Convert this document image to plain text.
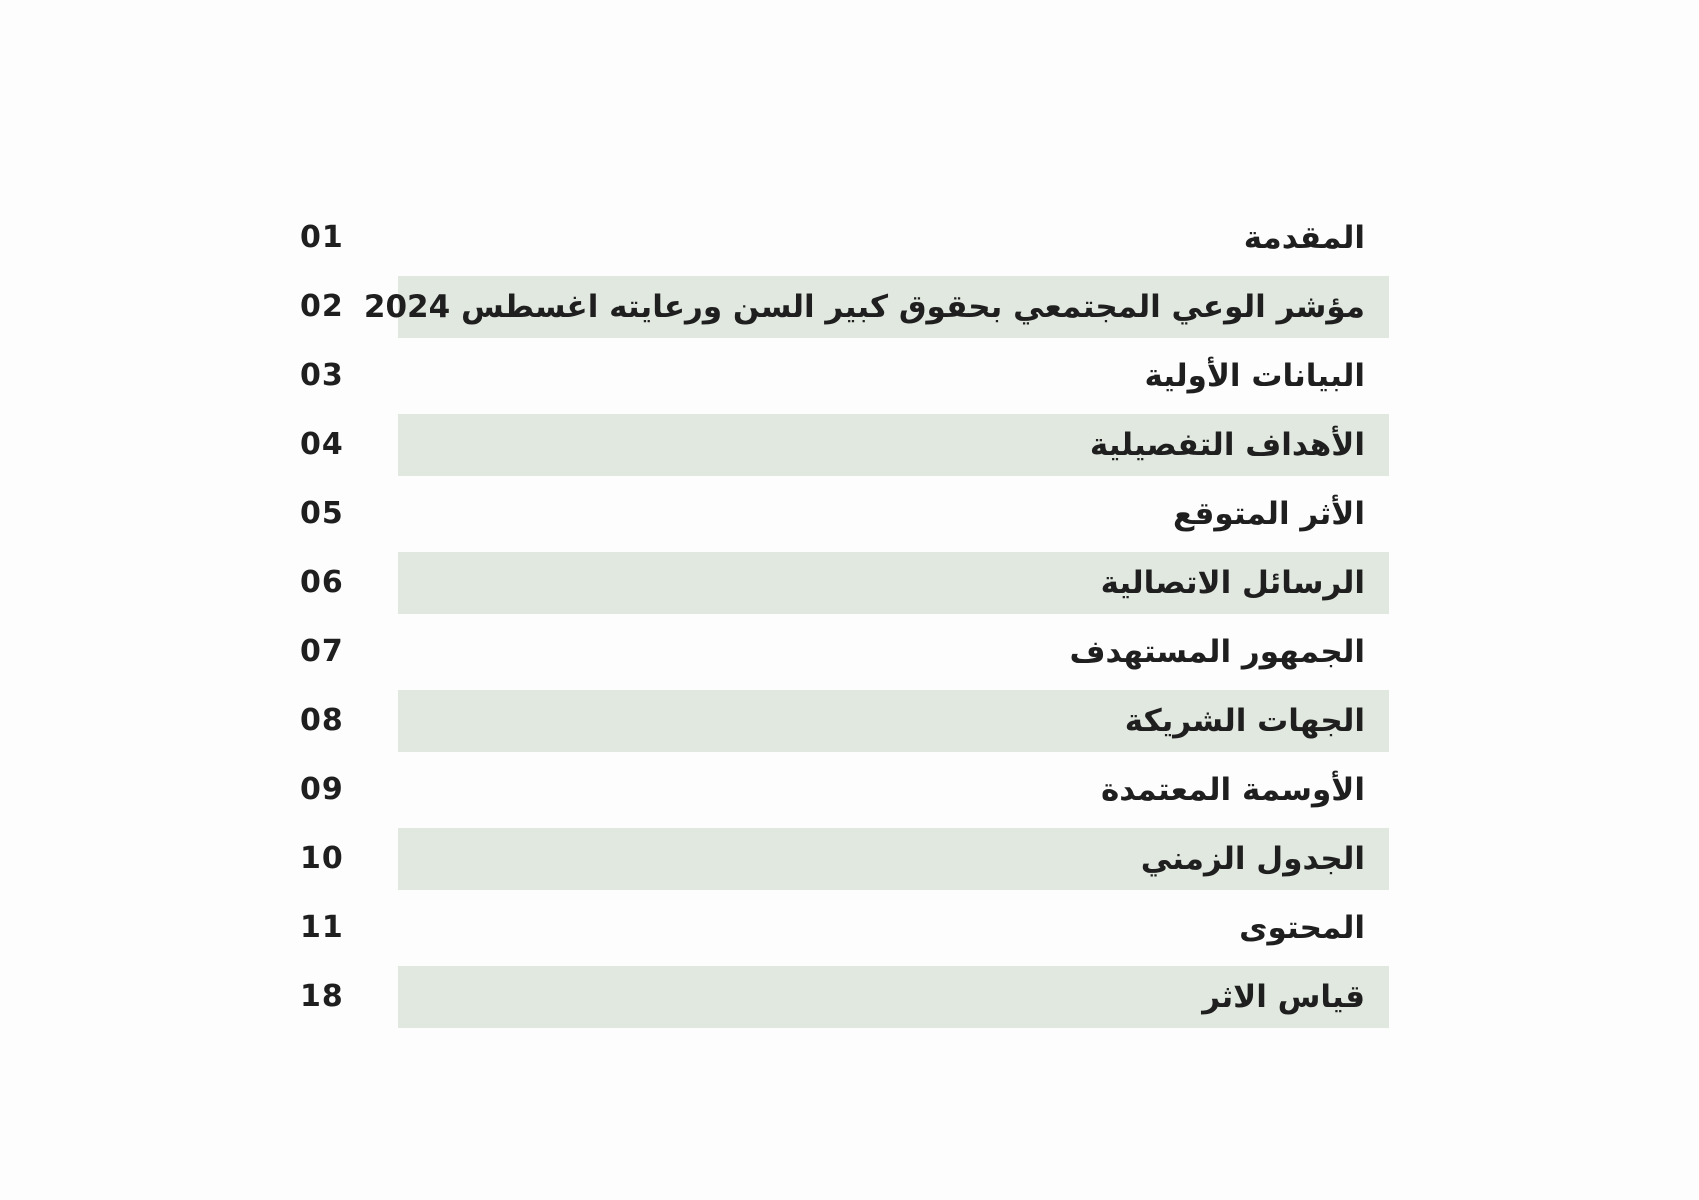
01	المقدمة
02 مؤشر الوعي المجتمعي بحقوق كبير السن ورعايته اغسطس 2024
03	البيانات الأولية
04	الأهداف التفصيلية
05	الأثر المتوقع
06	الرسائل الاتصالية
07	الجمهور المستهدف
08	الجهات الشريكة
09	الأوسمة المعتمدة
10	الجدول الزمني
11	المحتوى
18	قياس الاثر
